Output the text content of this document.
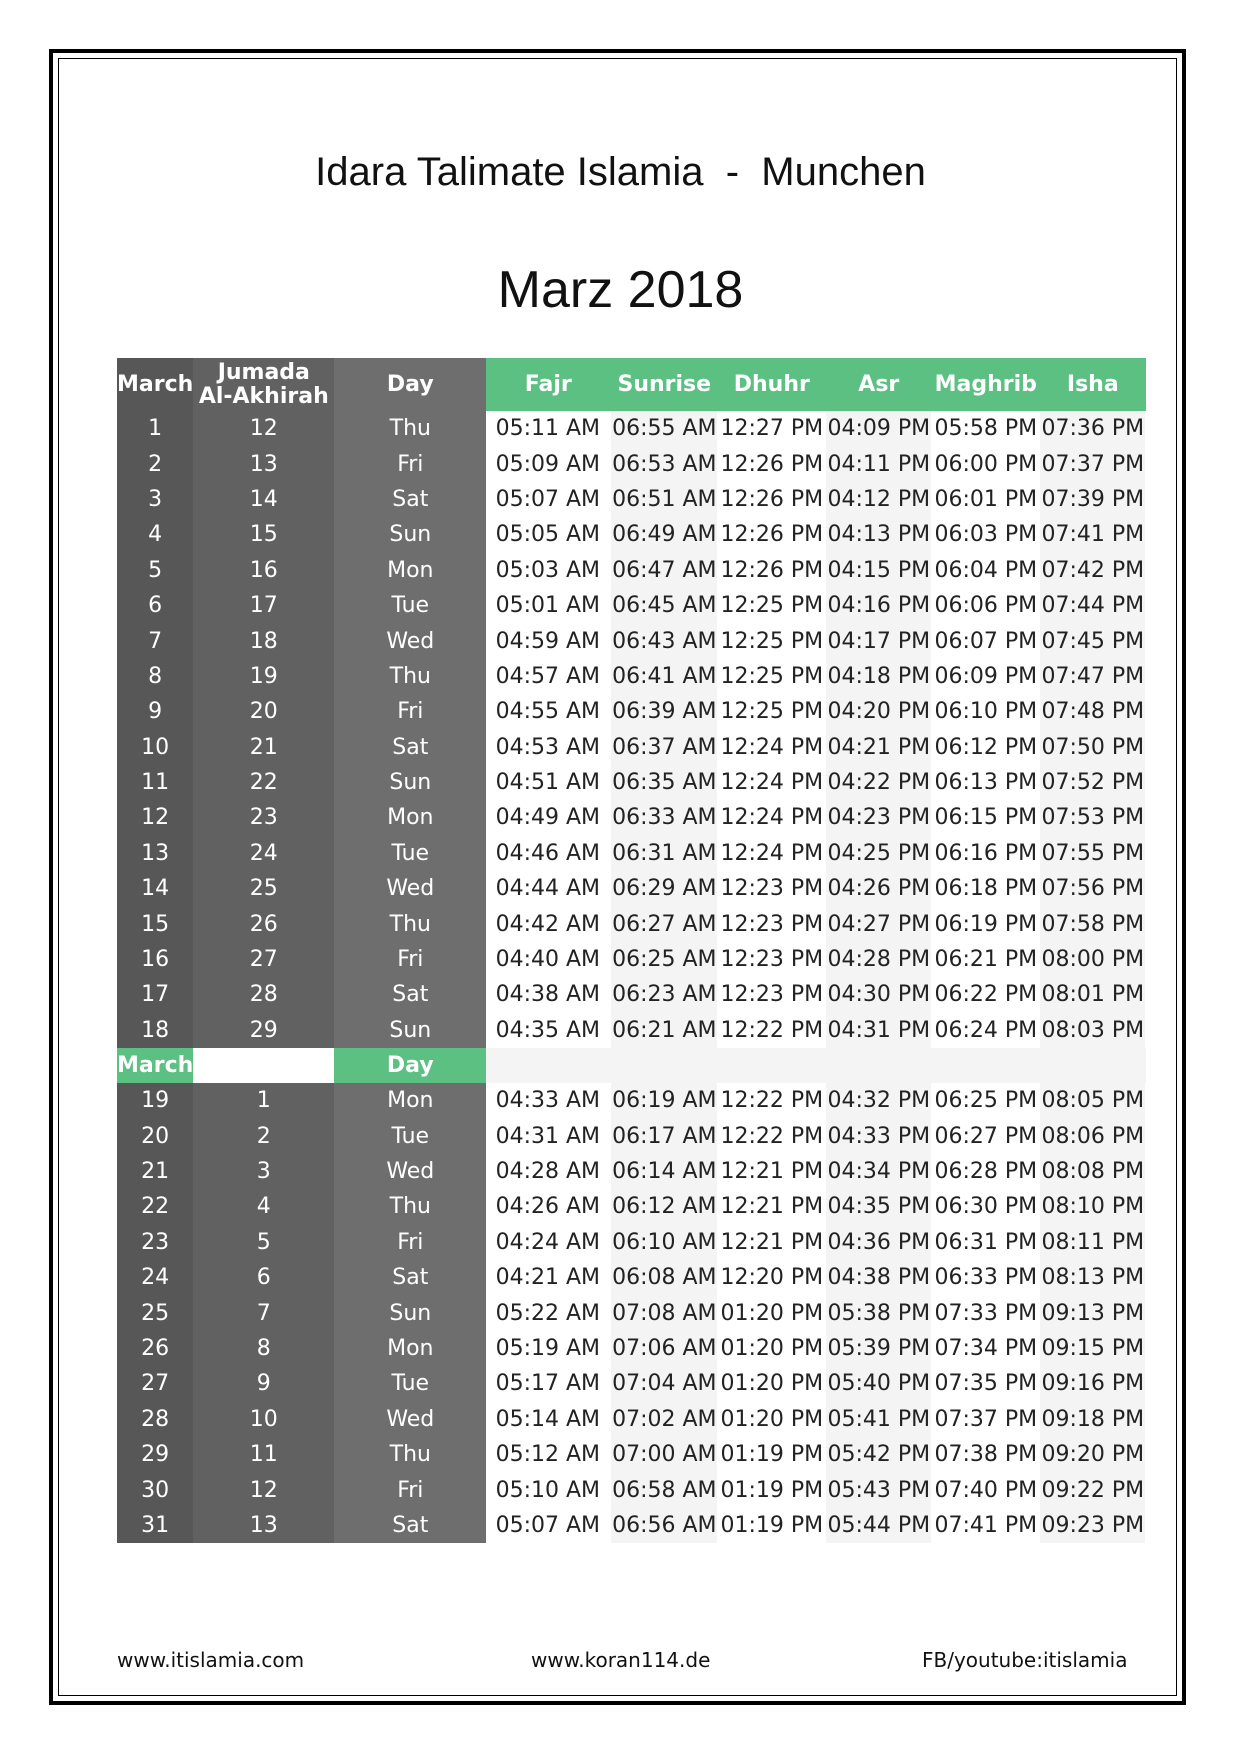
Idara Talimate Islamia  -  Munchen
Marz 2018
March	Jumada Al-Akhirah	Day	Fajr	Sunrise	Dhuhr	Asr	Maghrib	Isha
1	12	Thu	05:11 AM	06:55 AM	12:27 PM	04:09 PM	05:58 PM	07:36 PM
2	13	Fri	05:09 AM	06:53 AM	12:26 PM	04:11 PM	06:00 PM	07:37 PM
3	14	Sat	05:07 AM	06:51 AM	12:26 PM	04:12 PM	06:01 PM	07:39 PM
4	15	Sun	05:05 AM	06:49 AM	12:26 PM	04:13 PM	06:03 PM	07:41 PM
5	16	Mon	05:03 AM	06:47 AM	12:26 PM	04:15 PM	06:04 PM	07:42 PM
6	17	Tue	05:01 AM	06:45 AM	12:25 PM	04:16 PM	06:06 PM	07:44 PM
7	18	Wed	04:59 AM	06:43 AM	12:25 PM	04:17 PM	06:07 PM	07:45 PM
8	19	Thu	04:57 AM	06:41 AM	12:25 PM	04:18 PM	06:09 PM	07:47 PM
9	20	Fri	04:55 AM	06:39 AM	12:25 PM	04:20 PM	06:10 PM	07:48 PM
10	21	Sat	04:53 AM	06:37 AM	12:24 PM	04:21 PM	06:12 PM	07:50 PM
11	22	Sun	04:51 AM	06:35 AM	12:24 PM	04:22 PM	06:13 PM	07:52 PM
12	23	Mon	04:49 AM	06:33 AM	12:24 PM	04:23 PM	06:15 PM	07:53 PM
13	24	Tue	04:46 AM	06:31 AM	12:24 PM	04:25 PM	06:16 PM	07:55 PM
14	25	Wed	04:44 AM	06:29 AM	12:23 PM	04:26 PM	06:18 PM	07:56 PM
15	26	Thu	04:42 AM	06:27 AM	12:23 PM	04:27 PM	06:19 PM	07:58 PM
16	27	Fri	04:40 AM	06:25 AM	12:23 PM	04:28 PM	06:21 PM	08:00 PM
17	28	Sat	04:38 AM	06:23 AM	12:23 PM	04:30 PM	06:22 PM	08:01 PM
18	29	Sun	04:35 AM	06:21 AM	12:22 PM	04:31 PM	06:24 PM	08:03 PM
March		Day						
19	1	Mon	04:33 AM	06:19 AM	12:22 PM	04:32 PM	06:25 PM	08:05 PM
20	2	Tue	04:31 AM	06:17 AM	12:22 PM	04:33 PM	06:27 PM	08:06 PM
21	3	Wed	04:28 AM	06:14 AM	12:21 PM	04:34 PM	06:28 PM	08:08 PM
22	4	Thu	04:26 AM	06:12 AM	12:21 PM	04:35 PM	06:30 PM	08:10 PM
23	5	Fri	04:24 AM	06:10 AM	12:21 PM	04:36 PM	06:31 PM	08:11 PM
24	6	Sat	04:21 AM	06:08 AM	12:20 PM	04:38 PM	06:33 PM	08:13 PM
25	7	Sun	05:22 AM	07:08 AM	01:20 PM	05:38 PM	07:33 PM	09:13 PM
26	8	Mon	05:19 AM	07:06 AM	01:20 PM	05:39 PM	07:34 PM	09:15 PM
27	9	Tue	05:17 AM	07:04 AM	01:20 PM	05:40 PM	07:35 PM	09:16 PM
28	10	Wed	05:14 AM	07:02 AM	01:20 PM	05:41 PM	07:37 PM	09:18 PM
29	11	Thu	05:12 AM	07:00 AM	01:19 PM	05:42 PM	07:38 PM	09:20 PM
30	12	Fri	05:10 AM	06:58 AM	01:19 PM	05:43 PM	07:40 PM	09:22 PM
31	13	Sat	05:07 AM	06:56 AM	01:19 PM	05:44 PM	07:41 PM	09:23 PM
www.itislamia.com	www.koran114.de	FB/youtube:itislamia
